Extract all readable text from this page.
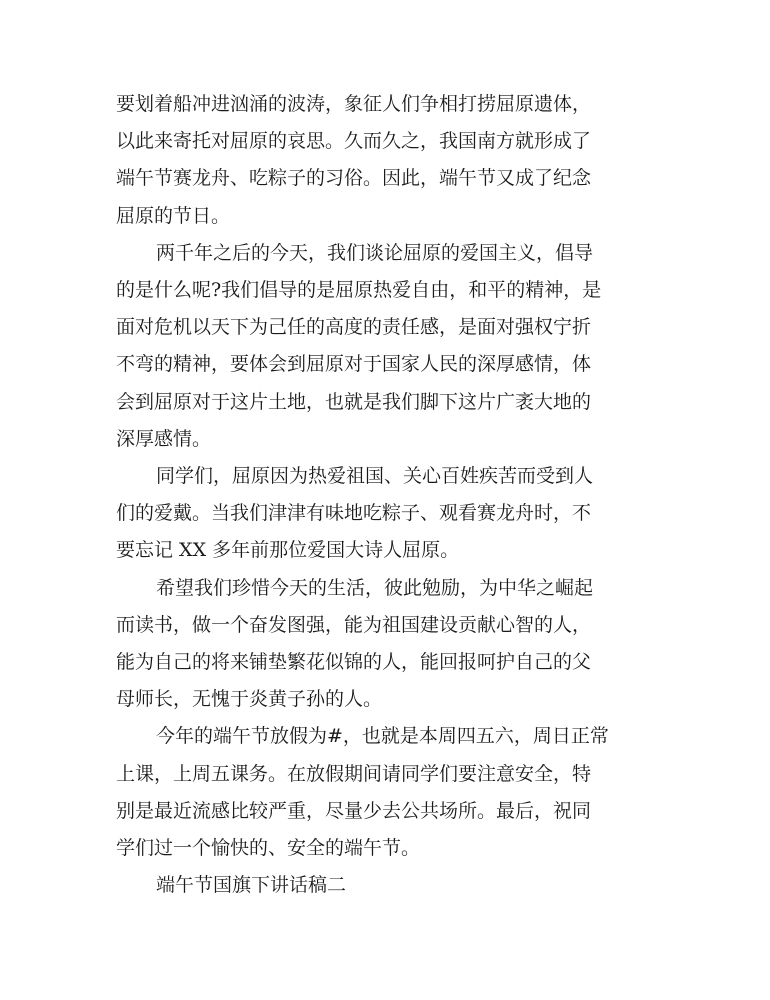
要划着船冲进汹涌的波涛，象征人们争相打捞屈原遗体，
以此来寄托对屈原的哀思。久而久之，我国南方就形成了
端午节赛龙舟、吃粽子的习俗。因此，端午节又成了纪念
屈原的节日。

两千年之后的今天，我们谈论屈原的爱国主义，倡导
的是什么呢?我们倡导的是屈原热爱自由，和平的精神，是
面对危机以天下为己任的高度的责任感，是面对强权宁折
不弯的精神，要体会到屈原对于国家人民的深厚感情，体
会到屈原对于这片土地，也就是我们脚下这片广袤大地的
深厚感情。

同学们，屈原因为热爱祖国、关心百姓疾苦而受到人
们的爱戴。当我们津津有味地吃粽子、观看赛龙舟时，不
要忘记 XX 多年前那位爱国大诗人屈原。

希望我们珍惜今天的生活，彼此勉励，为中华之崛起
而读书，做一个奋发图强，能为祖国建设贡献心智的人，
能为自己的将来铺垫繁花似锦的人，能回报呵护自己的父
母师长，无愧于炎黄子孙的人。

今年的端午节放假为#，也就是本周四五六，周日正常
上课，上周五课务。在放假期间请同学们要注意安全，特
别是最近流感比较严重，尽量少去公共场所。最后，祝同
学们过一个愉快的、安全的端午节。

端午节国旗下讲话稿二
